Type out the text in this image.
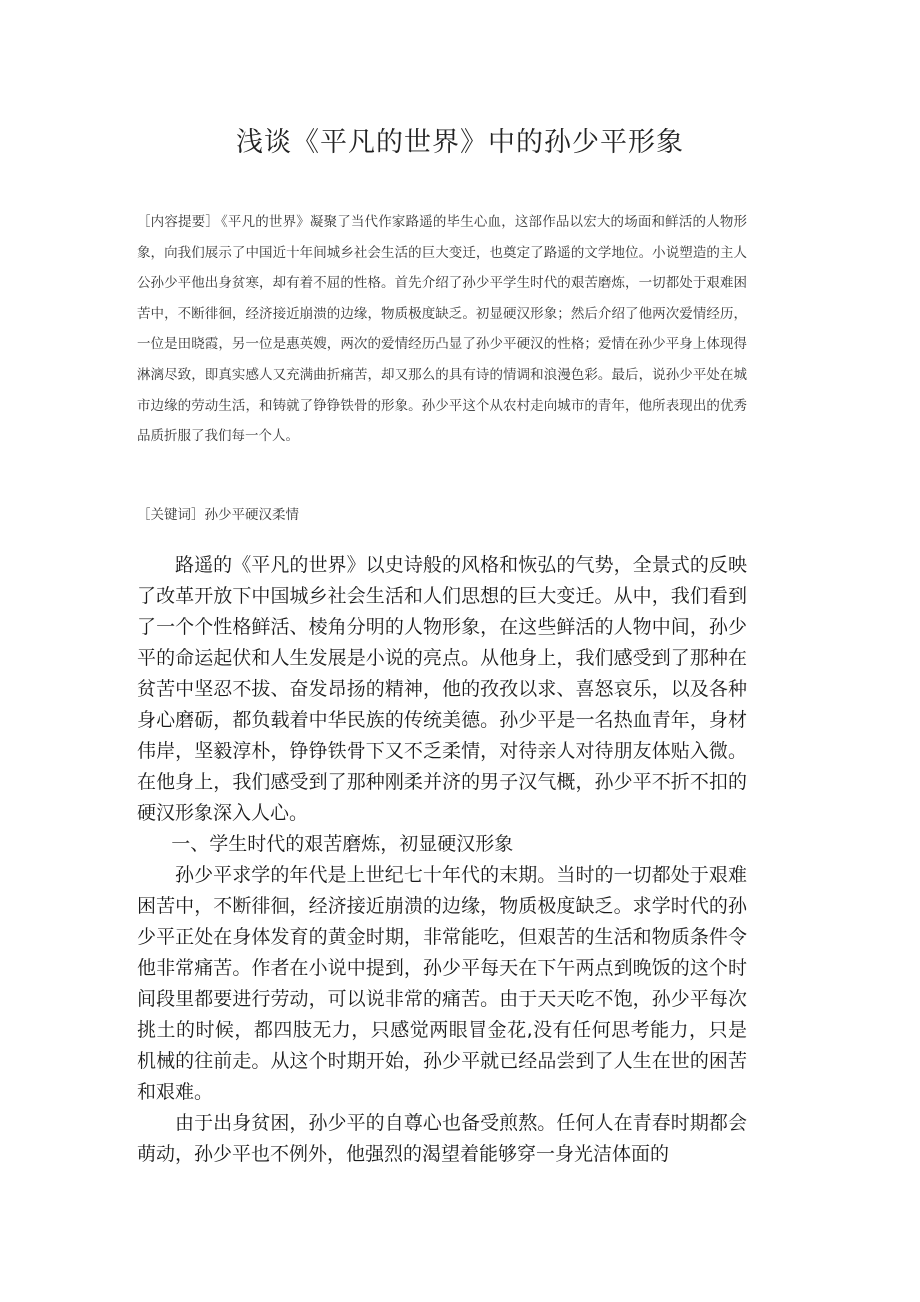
浅谈《平凡的世界》中的孙少平形象

［内容提要］ 《平凡的世界》凝聚了当代作家路遥的毕生心血，这部作品以宏大的场面和鲜活的人物形象，向我们展示了中国近十年间城乡社会生活的巨大变迁，也奠定了路遥的文学地位。小说塑造的主人公孙少平他出身贫寒，却有着不屈的性格。首先介绍了孙少平学生时代的艰苦磨炼，一切都处于艰难困苦中，不断徘徊，经济接近崩溃的边缘，物质极度缺乏。初显硬汉形象；然后介绍了他两次爱情经历，一位是田晓霞，另一位是惠英嫂，两次的爱情经历凸显了孙少平硬汉的性格；爱情在孙少平身上体现得淋漓尽致，即真实感人又充满曲折痛苦，却又那么的具有诗的情调和浪漫色彩。最后，说孙少平处在城市边缘的劳动生活，和铸就了铮铮铁骨的形象。孙少平这个从农村走向城市的青年，他所表现出的优秀品质折服了我们每一个人。

［关键词］孙少平硬汉柔情

路遥的《平凡的世界》以史诗般的风格和恢弘的气势，全景式的反映了改革开放下中国城乡社会生活和人们思想的巨大变迁。从中，我们看到了一个个性格鲜活、棱角分明的人物形象，在这些鲜活的人物中间，孙少平的命运起伏和人生发展是小说的亮点。从他身上，我们感受到了那种在贫苦中坚忍不拔、奋发昂扬的精神，他的孜孜以求、喜怒哀乐，以及各种身心磨砺，都负载着中华民族的传统美德。孙少平是一名热血青年，身材伟岸，坚毅淳朴，铮铮铁骨下又不乏柔情，对待亲人对待朋友体贴入微。在他身上，我们感受到了那种刚柔并济的男子汉气概，孙少平不折不扣的硬汉形象深入人心。

一、学生时代的艰苦磨炼，初显硬汉形象

孙少平求学的年代是上世纪七十年代的末期。当时的一切都处于艰难困苦中，不断徘徊，经济接近崩溃的边缘，物质极度缺乏。求学时代的孙少平正处在身体发育的黄金时期，非常能吃，但艰苦的生活和物质条件令他非常痛苦。作者在小说中提到，孙少平每天在下午两点到晚饭的这个时间段里都要进行劳动，可以说非常的痛苦。由于天天吃不饱，孙少平每次挑土的时候，都四肢无力，只感觉两眼冒金花,没有任何思考能力，只是机械的往前走。从这个时期开始，孙少平就已经品尝到了人生在世的困苦和艰难。

由于出身贫困，孙少平的自尊心也备受煎熬。任何人在青春时期都会萌动，孙少平也不例外，他强烈的渴望着能够穿一身光洁体面的
